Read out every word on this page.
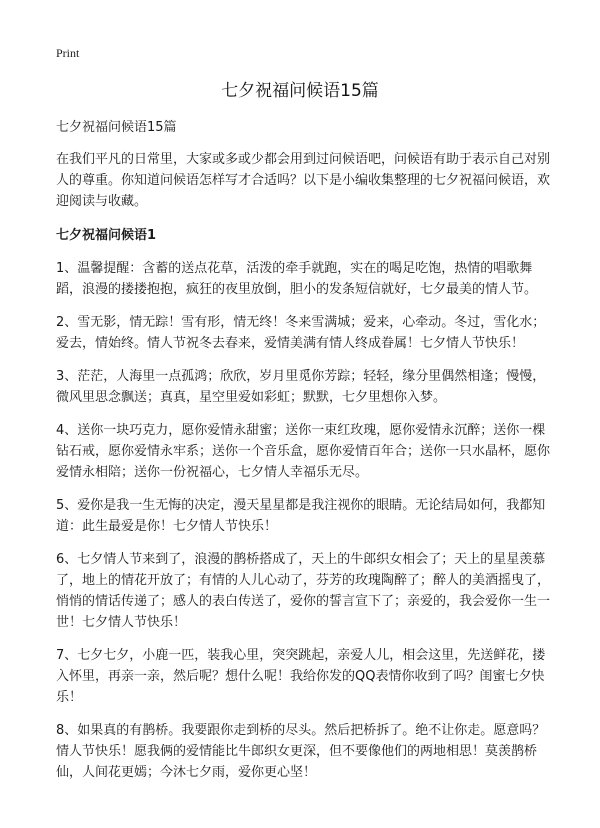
Print
七夕祝福问候语15篇

七夕祝福问候语15篇

在我们平凡的日常里，大家或多或少都会用到过问候语吧，问候语有助于表示自己对别人的尊重。你知道问候语怎样写才合适吗？以下是小编收集整理的七夕祝福问候语，欢迎阅读与收藏。

七夕祝福问候语1

1、温馨提醒：含蓄的送点花草，活泼的牵手就跑，实在的喝足吃饱，热情的唱歌舞蹈，浪漫的搂搂抱抱，疯狂的夜里放倒，胆小的发条短信就好，七夕最美的情人节。

2、雪无影，情无踪！雪有形，情无终！冬来雪满城；爱来，心牵动。冬过，雪化水；爱去，情始终。情人节祝冬去春来，爱情美满有情人终成眷属！七夕情人节快乐！

3、茫茫，人海里一点孤鸿；欣欣，岁月里觅你芳踪；轻轻，缘分里偶然相逢；慢慢，微风里思念飘送；真真，星空里爱如彩虹；默默，七夕里想你入梦。

4、送你一块巧克力，愿你爱情永甜蜜；送你一束红玫瑰，愿你爱情永沉醉；送你一棵钻石戒，愿你爱情永牢系；送你一个音乐盒，愿你爱情百年合；送你一只水晶杯，愿你爱情永相陪；送你一份祝福心，七夕情人幸福乐无尽。

5、爱你是我一生无悔的决定，漫天星星都是我注视你的眼睛。无论结局如何，我都知道：此生最爱是你！七夕情人节快乐！

6、七夕情人节来到了，浪漫的鹊桥搭成了，天上的牛郎织女相会了；天上的星星羡慕了，地上的情花开放了；有情的人儿心动了，芬芳的玫瑰陶醉了；醉人的美酒摇曳了，悄悄的情话传递了；感人的表白传送了，爱你的誓言宣下了；亲爱的，我会爱你一生一世！七夕情人节快乐！

7、七夕七夕，小鹿一匹，装我心里，突突跳起，亲爱人儿，相会这里，先送鲜花，搂入怀里，再亲一亲，然后呢？想什么呢！我给你发的QQ表情你收到了吗？闺蜜七夕快乐！

8、如果真的有鹊桥。我要跟你走到桥的尽头。然后把桥拆了。绝不让你走。愿意吗？情人节快乐！愿我俩的爱情能比牛郎织女更深，但不要像他们的两地相思！莫羡鹊桥仙，人间花更嫣；今沐七夕雨，爱你更心坚！
